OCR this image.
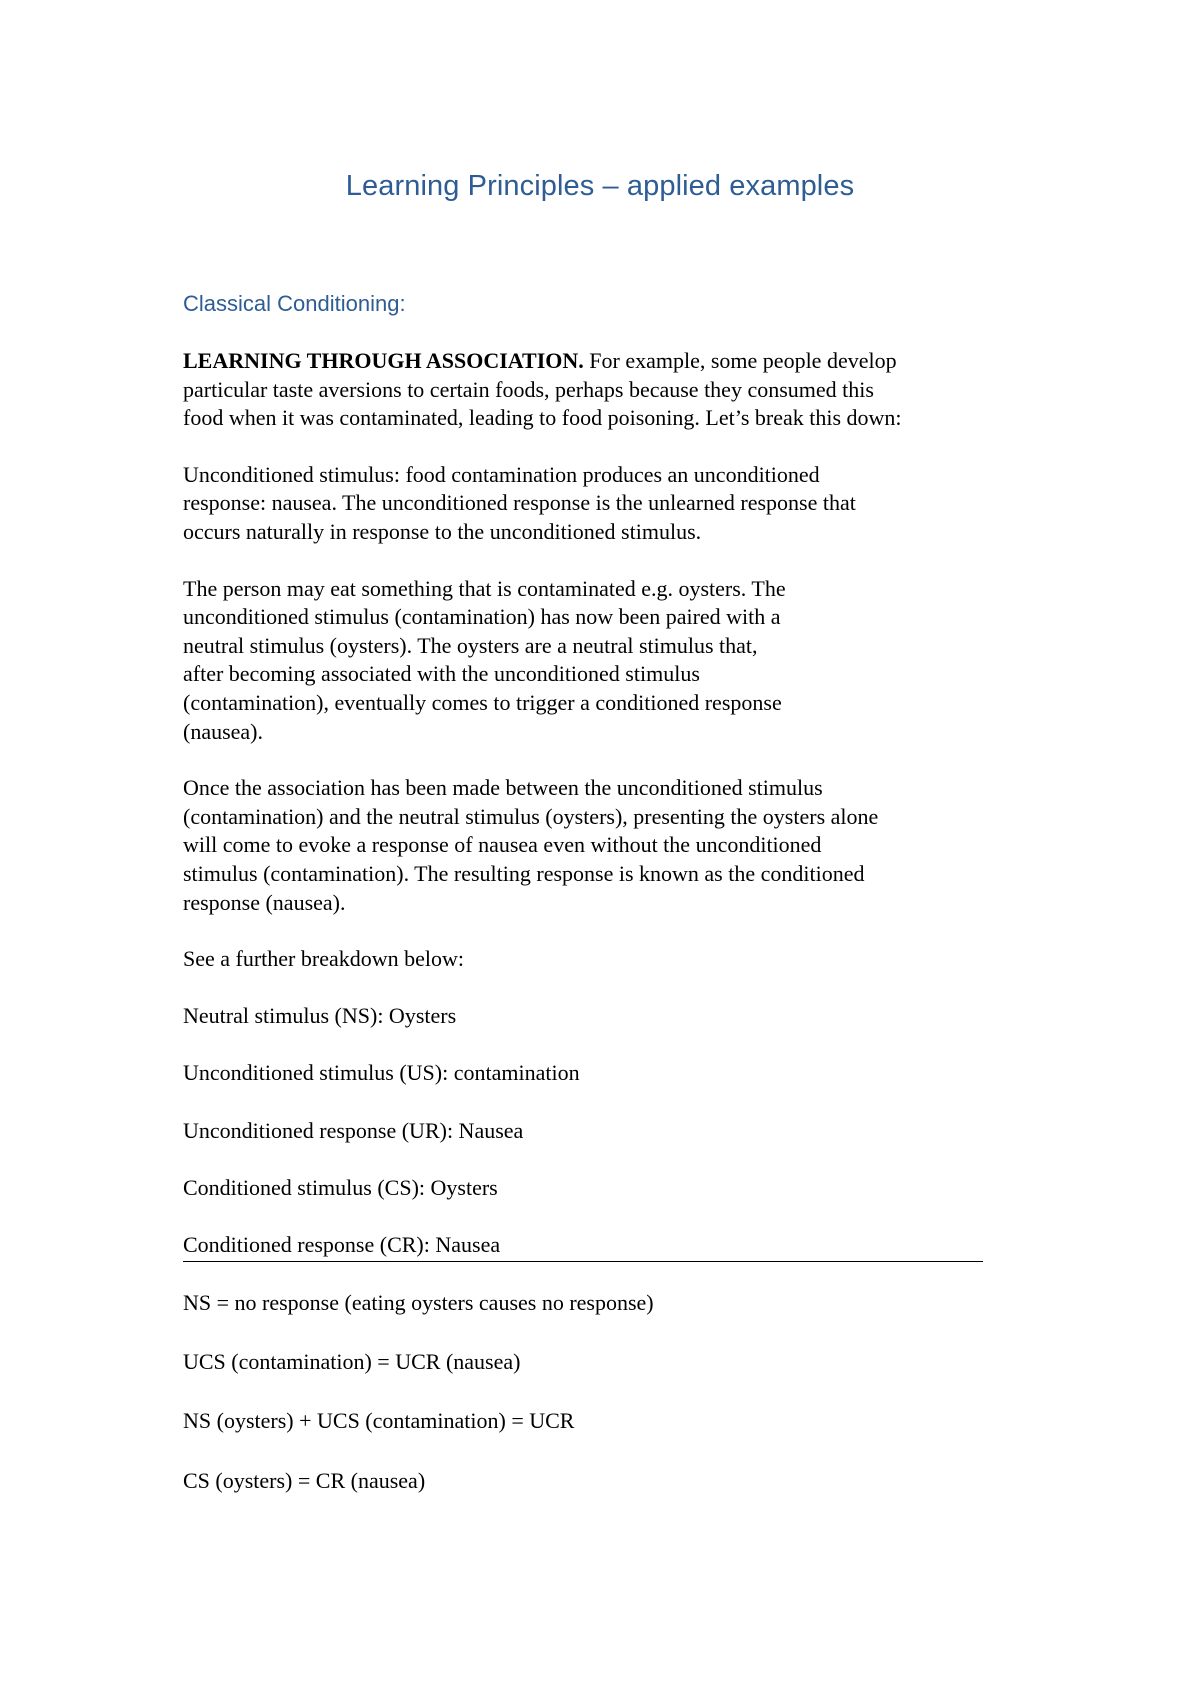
Learning Principles – applied examples
Classical Conditioning:
LEARNING THROUGH ASSOCIATION. For example, some people develop
particular taste aversions to certain foods, perhaps because they consumed this
food when it was contaminated, leading to food poisoning. Let’s break this down:
Unconditioned stimulus: food contamination produces an unconditioned
response: nausea. The unconditioned response is the unlearned response that
occurs naturally in response to the unconditioned stimulus.
The person may eat something that is contaminated e.g. oysters. The
unconditioned stimulus (contamination) has now been paired with a
neutral stimulus (oysters). The oysters are a neutral stimulus that,
after becoming associated with the unconditioned stimulus
(contamination), eventually comes to trigger a conditioned response
(nausea).
Once the association has been made between the unconditioned stimulus
(contamination) and the neutral stimulus (oysters), presenting the oysters alone
will come to evoke a response of nausea even without the unconditioned
stimulus (contamination). The resulting response is known as the conditioned
response (nausea).
See a further breakdown below:
Neutral stimulus (NS): Oysters
Unconditioned stimulus (US): contamination
Unconditioned response (UR): Nausea
Conditioned stimulus (CS): Oysters
Conditioned response (CR): Nausea
NS = no response (eating oysters causes no response)
UCS (contamination) = UCR (nausea)
NS (oysters) + UCS (contamination) = UCR
CS (oysters) = CR (nausea)
